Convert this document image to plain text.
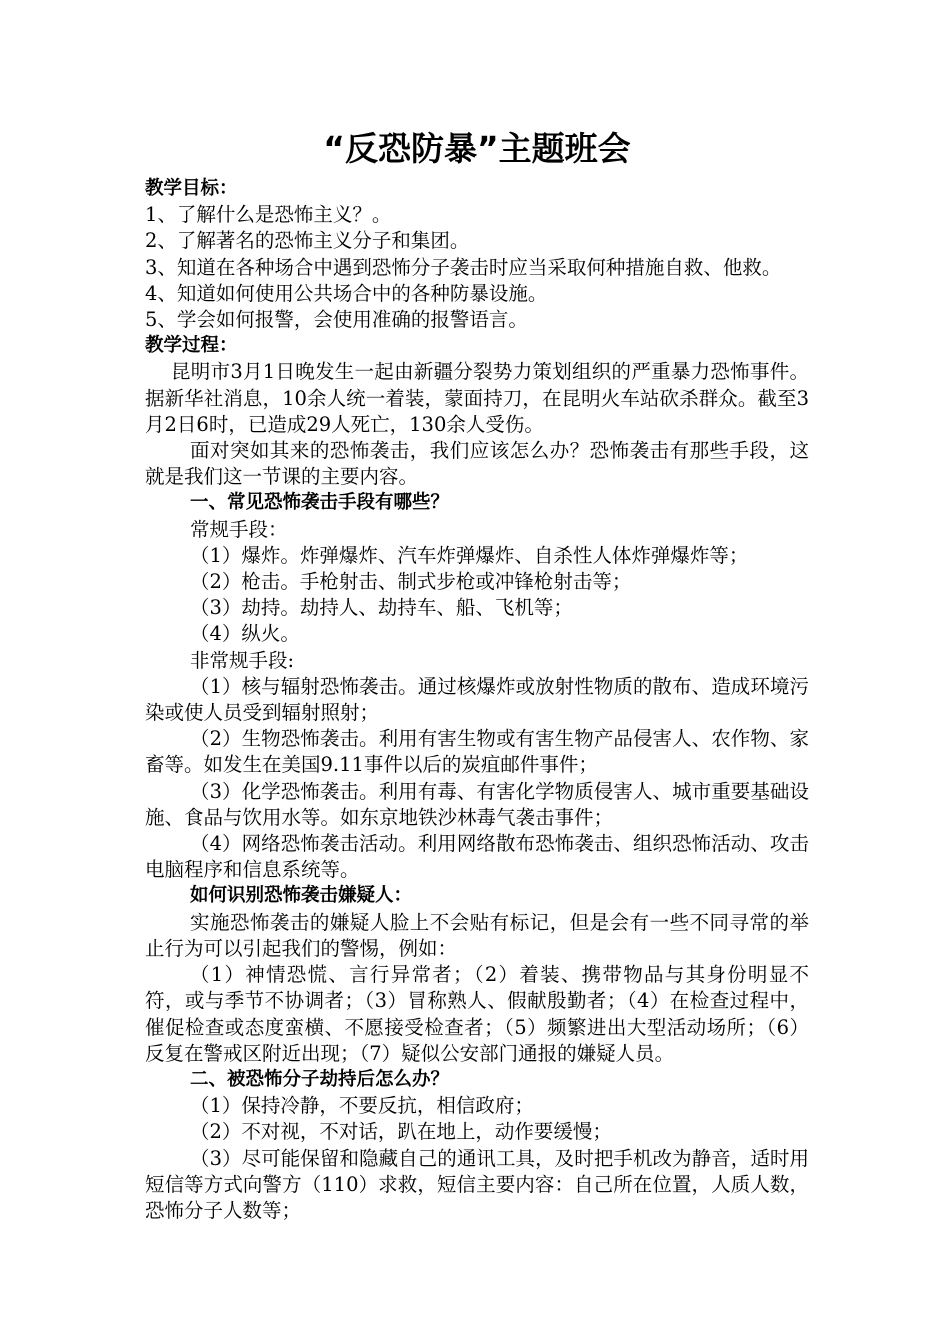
“反恐防暴”主题班会

教学目标：

1、了解什么是恐怖主义？。

2、了解著名的恐怖主义分子和集团。

3、知道在各种场合中遇到恐怖分子袭击时应当采取何种措施自救、他救。

4、知道如何使用公共场合中的各种防暴设施。

5、学会如何报警，会使用准确的报警语言。

教学过程：

昆明市3月1日晚发生一起由新疆分裂势力策划组织的严重暴力恐怖事件。据新华社消息，10余人统一着装，蒙面持刀，在昆明火车站砍杀群众。截至3月2日6时，已造成29人死亡，130余人受伤。

面对突如其来的恐怖袭击，我们应该怎么办？恐怖袭击有那些手段，这就是我们这一节课的主要内容。

一、常见恐怖袭击手段有哪些？

常规手段：

（1）爆炸。炸弹爆炸、汽车炸弹爆炸、自杀性人体炸弹爆炸等；

（2）枪击。手枪射击、制式步枪或冲锋枪射击等；

（3）劫持。劫持人、劫持车、船、飞机等；

（4）纵火。

非常规手段:

（1）核与辐射恐怖袭击。通过核爆炸或放射性物质的散布、造成环境污染或使人员受到辐射照射；

（2）生物恐怖袭击。利用有害生物或有害生物产品侵害人、农作物、家畜等。如发生在美国9.11事件以后的炭疽邮件事件；

（3）化学恐怖袭击。利用有毒、有害化学物质侵害人、城市重要基础设施、食品与饮用水等。如东京地铁沙林毒气袭击事件；

（4）网络恐怖袭击活动。利用网络散布恐怖袭击、组织恐怖活动、攻击电脑程序和信息系统等。

如何识别恐怖袭击嫌疑人：

实施恐怖袭击的嫌疑人脸上不会贴有标记，但是会有一些不同寻常的举止行为可以引起我们的警惕，例如：

（1）神情恐慌、言行异常者；（2）着装、携带物品与其身份明显不符，或与季节不协调者；（3）冒称熟人、假献殷勤者；（4）在检查过程中，催促检查或态度蛮横、不愿接受检查者；（5）频繁进出大型活动场所；（6）反复在警戒区附近出现；（7）疑似公安部门通报的嫌疑人员。

二、被恐怖分子劫持后怎么办？

（1）保持冷静，不要反抗，相信政府；

（2）不对视，不对话，趴在地上，动作要缓慢；

（3）尽可能保留和隐藏自己的通讯工具，及时把手机改为静音，适时用短信等方式向警方（110）求救，短信主要内容：自己所在位置，人质人数，恐怖分子人数等；
